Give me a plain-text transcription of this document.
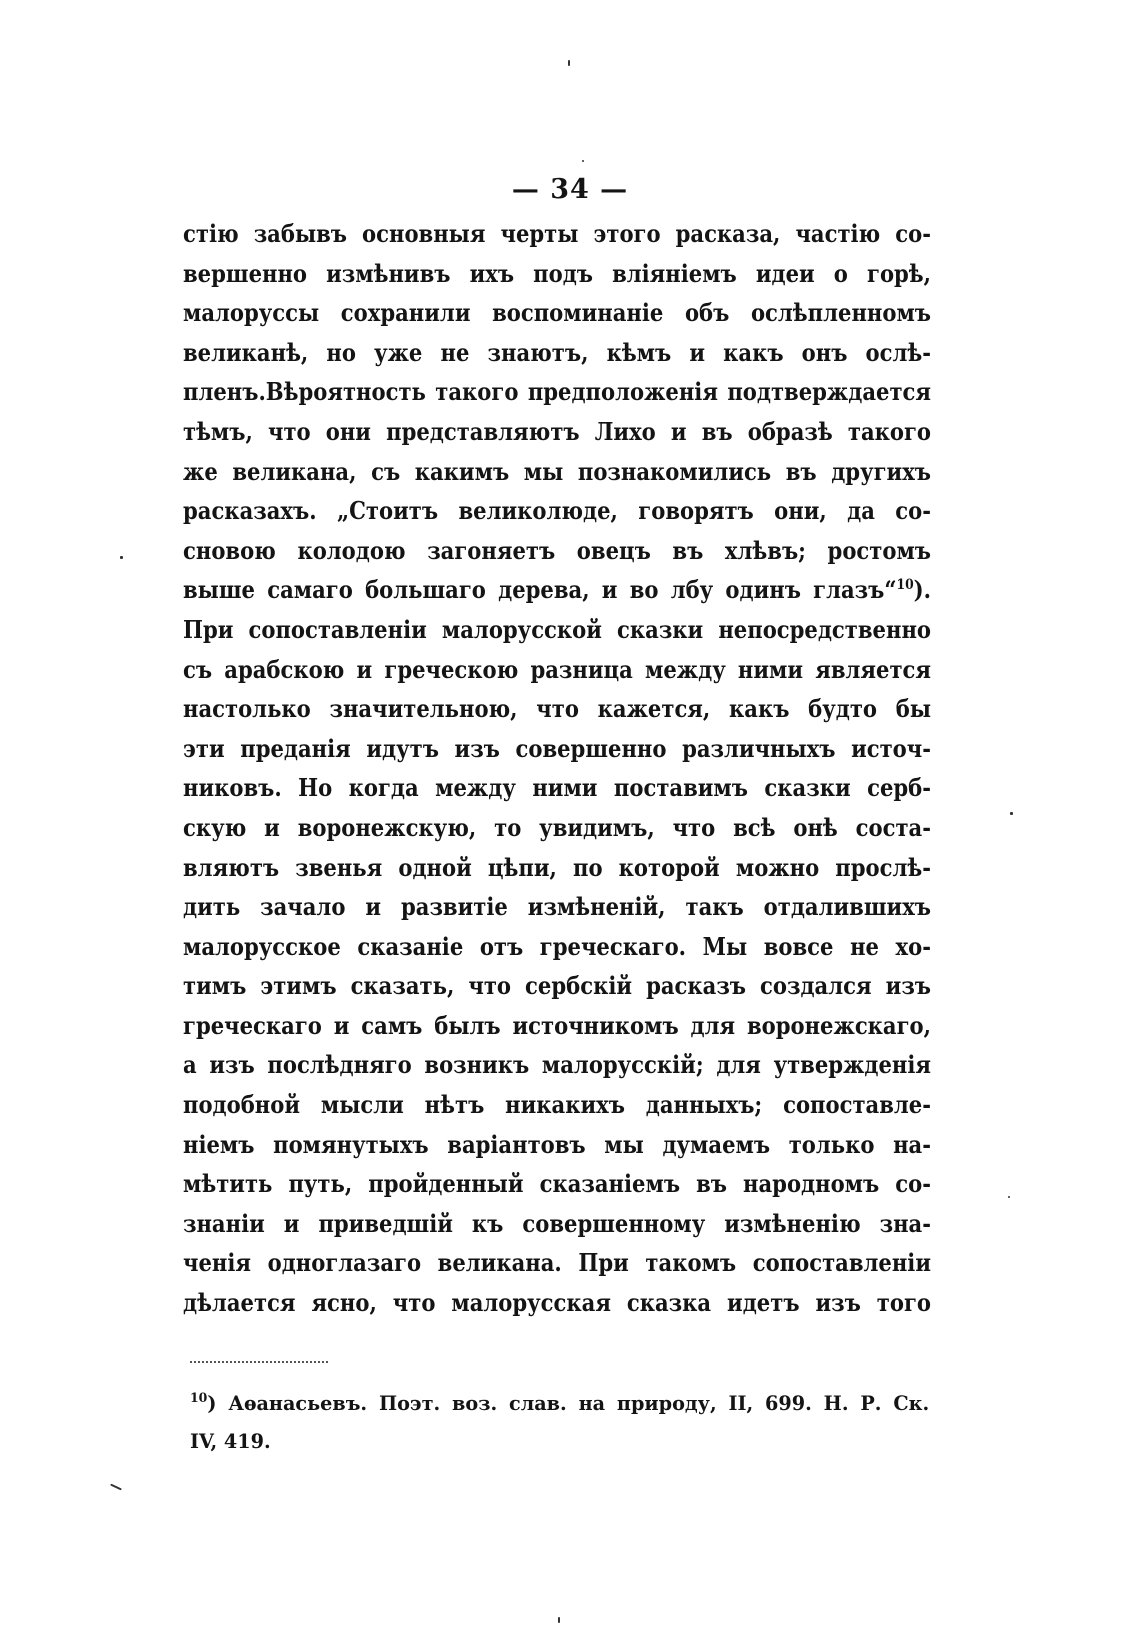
— 34 —
стію забывъ основныя черты этого расказа, частію со-
вершенно измѣнивъ ихъ подъ вліяніемъ идеи о горѣ,
малоруссы сохранили воспоминаніе объ ослѣпленномъ
великанѣ, но уже не знаютъ, кѣмъ и какъ онъ ослѣ-
пленъ.Вѣроятность такого предположенія подтверждается
тѣмъ, что они представляютъ Лихо и въ образѣ такого
же великана, съ какимъ мы познакомились въ другихъ
расказахъ. „Стоитъ великолюде, говорятъ они, да со-
сновою колодою загоняетъ овецъ въ хлѣвъ; ростомъ
выше самаго большаго дерева, и во лбу одинъ глазъ“$^{10}$).
При сопоставленіи малорусской сказки непосредственно
съ арабскою и греческою разница между ними является
настолько значительною, что кажется, какъ будто бы
эти преданія идутъ изъ совершенно различныхъ источ-
никовъ. Но когда между ними поставимъ сказки серб-
скую и воронежскую, то увидимъ, что всѣ онѣ соста-
вляютъ звенья одной цѣпи, по которой можно прослѣ-
дить зачало и развитіе измѣненій, такъ отдалившихъ
малорусское сказаніе отъ греческаго. Мы вовсе не хо-
тимъ этимъ сказать, что сербскій расказъ создался изъ
греческаго и самъ былъ источникомъ для воронежскаго,
а изъ послѣдняго возникъ малорусскій; для утвержденія
подобной мысли нѣтъ никакихъ данныхъ; сопоставле-
ніемъ помянутыхъ варіантовъ мы думаемъ только на-
мѣтить путь, пройденный сказаніемъ въ народномъ со-
знаніи и приведшій къ совершенному измѣненію зна-
ченія одноглазаго великана. При такомъ сопоставленіи
дѣлается ясно, что малорусская сказка идетъ изъ того
$^{10}$) Аѳанасьевъ. Поэт. воз. слав. на природу, II, 699. Н. Р. Ск.
IV, 419.
